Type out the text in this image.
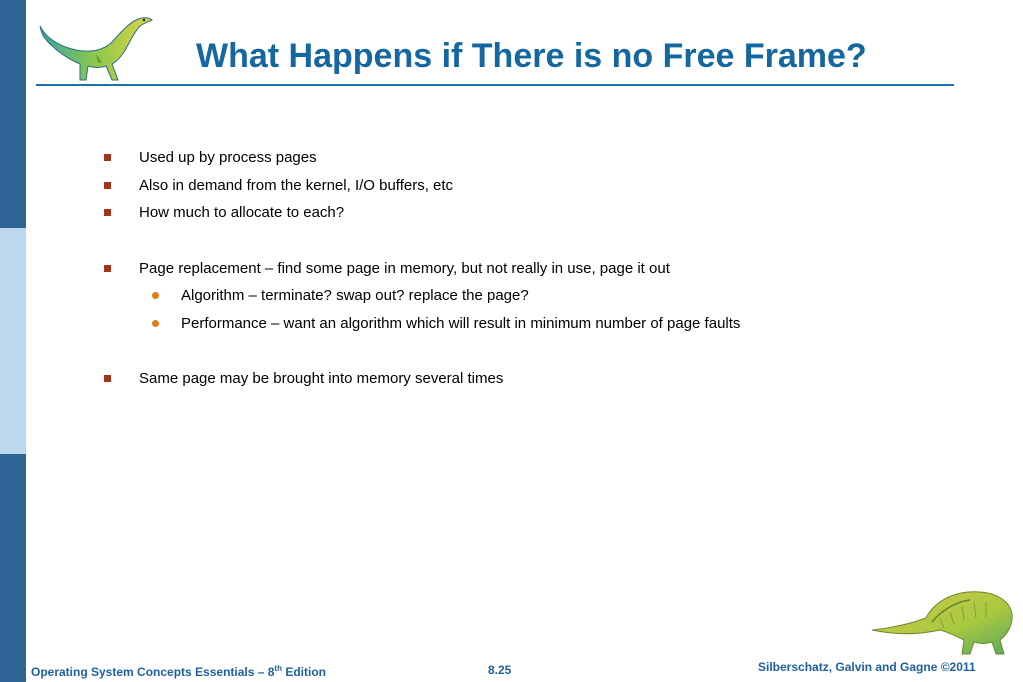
What Happens if There is no Free Frame?
Used up by process pages
Also in demand from the kernel, I/O buffers, etc
How much to allocate to each?
Page replacement – find some page in memory, but not really in use, page it out
Algorithm – terminate? swap out? replace the page?
Performance – want an algorithm which will result in minimum number of page faults
Same page may be brought into memory several times
Operating System Concepts Essentials – 8th Edition	8.25	Silberschatz, Galvin and Gagne ©2011
